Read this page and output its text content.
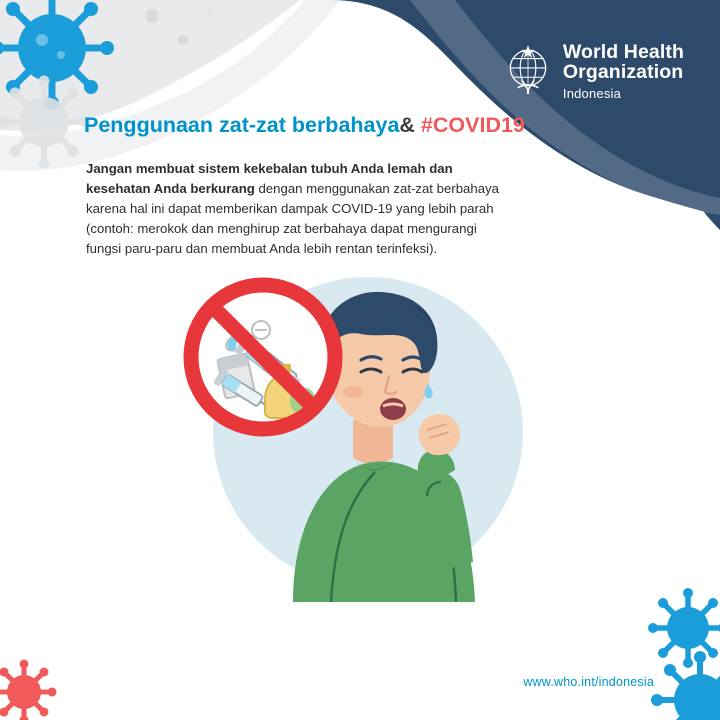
World Health
Organization
Indonesia
Penggunaan zat-zat berbahaya& #COVID19

Jangan membuat sistem kekebalan tubuh Anda lemah dan kesehatan Anda berkurang dengan menggunakan zat-zat berbahaya karena hal ini dapat memberikan dampak COVID-19 yang lebih parah (contoh: merokok dan menghirup zat berbahaya dapat mengurangi fungsi paru-paru dan membuat Anda lebih rentan terinfeksi).

www.who.int/indonesia
